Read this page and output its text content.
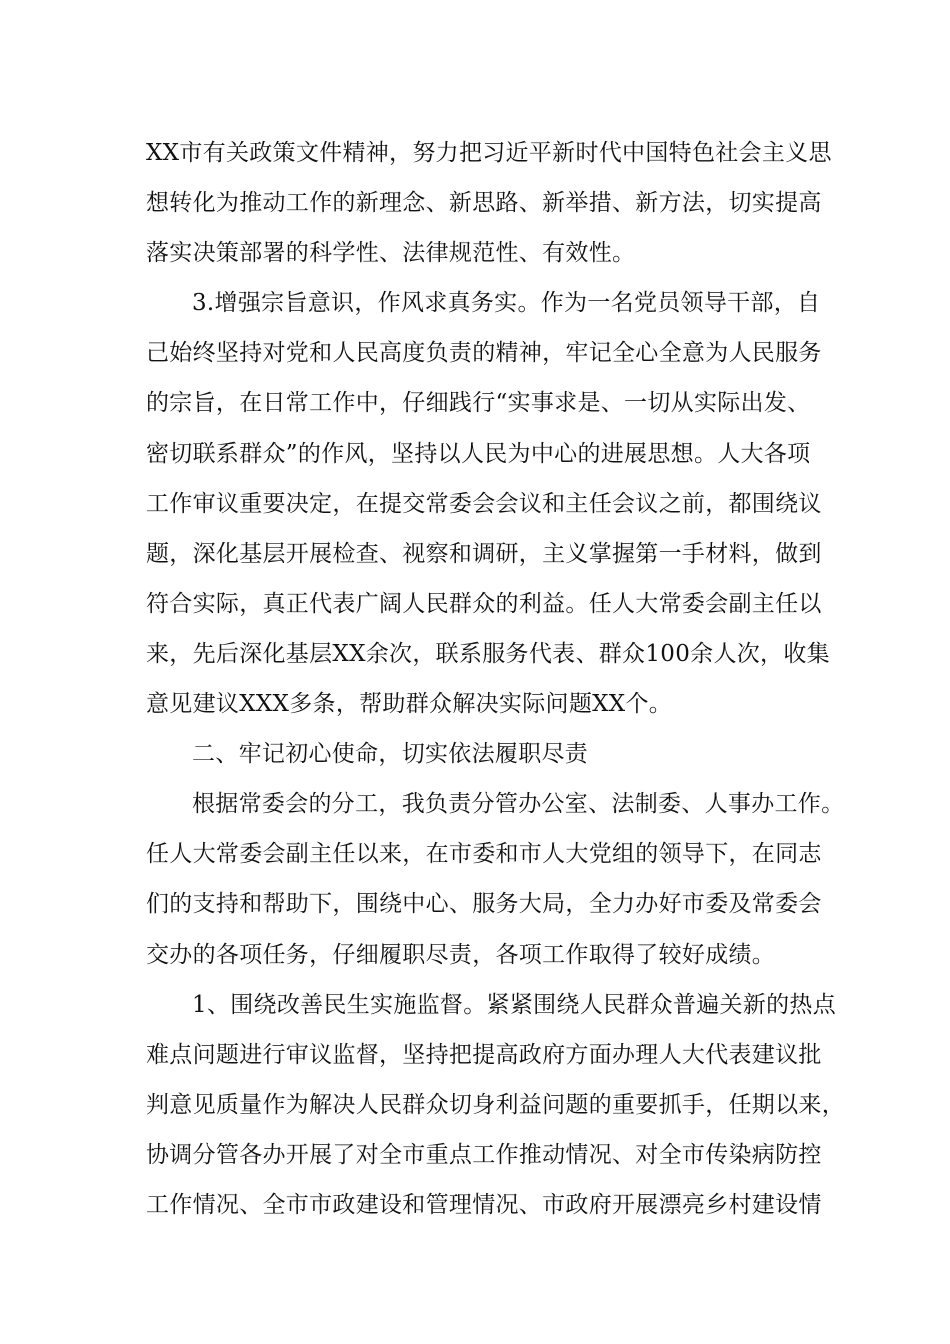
XX市有关政策文件精神，努力把习近平新时代中国特色社会主义思
想转化为推动工作的新理念、新思路、新举措、新方法，切实提高
落实决策部署的科学性、法律规范性、有效性。
3.增强宗旨意识，作风求真务实。作为一名党员领导干部，自
己始终坚持对党和人民高度负责的精神，牢记全心全意为人民服务
的宗旨，在日常工作中，仔细践行“实事求是、一切从实际出发、
密切联系群众”的作风，坚持以人民为中心的进展思想。人大各项
工作审议重要决定，在提交常委会会议和主任会议之前，都围绕议
题，深化基层开展检查、视察和调研，主义掌握第一手材料，做到
符合实际，真正代表广阔人民群众的利益。任人大常委会副主任以
来，先后深化基层XX余次，联系服务代表、群众100余人次，收集
意见建议XXX多条，帮助群众解决实际问题XX个。
二、牢记初心使命，切实依法履职尽责
根据常委会的分工，我负责分管办公室、法制委、人事办工作。
任人大常委会副主任以来，在市委和市人大党组的领导下，在同志
们的支持和帮助下，围绕中心、服务大局，全力办好市委及常委会
交办的各项任务，仔细履职尽责，各项工作取得了较好成绩。
1、围绕改善民生实施监督。紧紧围绕人民群众普遍关新的热点
难点问题进行审议监督，坚持把提高政府方面办理人大代表建议批
判意见质量作为解决人民群众切身利益问题的重要抓手，任期以来，
协调分管各办开展了对全市重点工作推动情况、对全市传染病防控
工作情况、全市市政建设和管理情况、市政府开展漂亮乡村建设情
